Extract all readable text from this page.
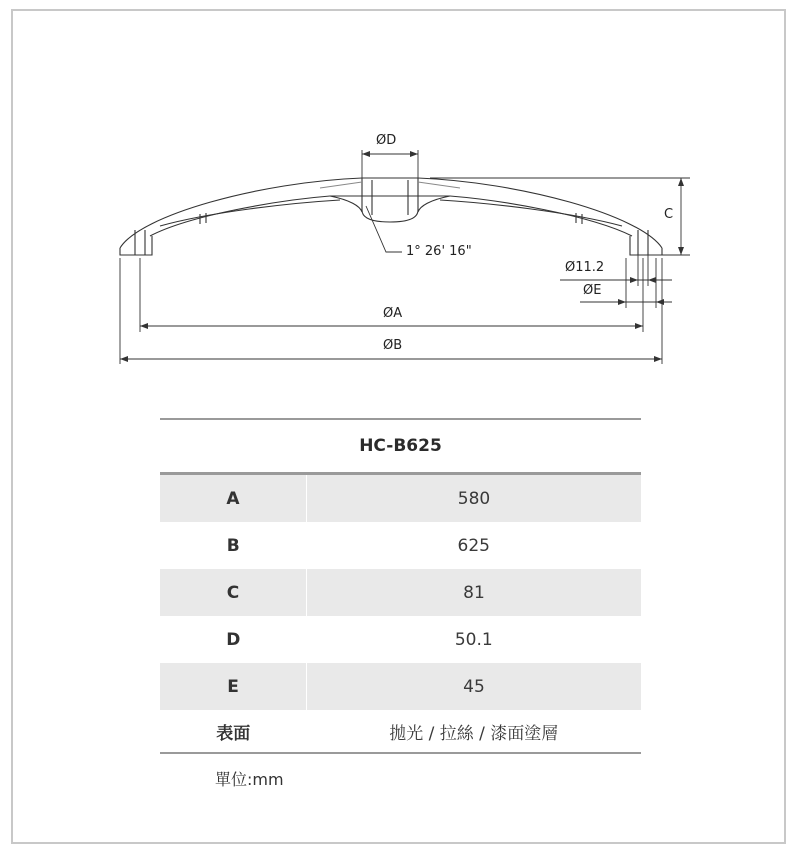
ØD
C
1° 26' 16"
Ø11.2
ØE
ØA
ØB
HC-B625	
A	580
B	625
C	81
D	50.1
E	45
表面	拋光 / 拉絲 / 漆面塗層
單位:mm
